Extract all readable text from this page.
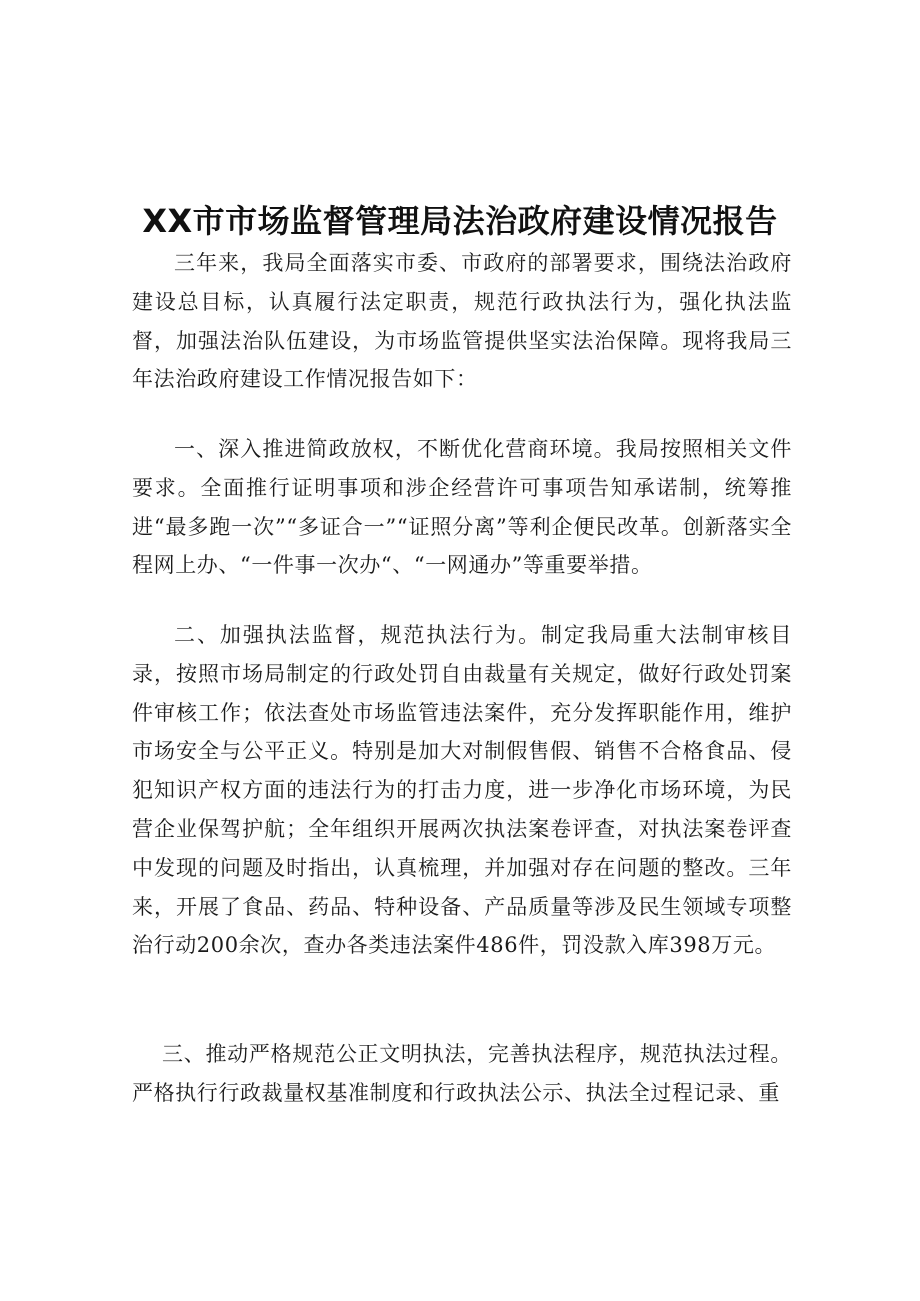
XX市市场监督管理局法治政府建设情况报告

三年来，我局全面落实市委、市政府的部署要求，围绕法治政府建设总目标，认真履行法定职责，规范行政执法行为，强化执法监督，加强法治队伍建设，为市场监管提供坚实法治保障。现将我局三年法治政府建设工作情况报告如下：

一、深入推进简政放权，不断优化营商环境。我局按照相关文件要求。全面推行证明事项和涉企经营许可事项告知承诺制，统筹推进“最多跑一次”“多证合一”“证照分离”等利企便民改革。创新落实全程网上办、“一件事一次办“、“一网通办”等重要举措。

二、加强执法监督，规范执法行为。制定我局重大法制审核目录，按照市场局制定的行政处罚自由裁量有关规定，做好行政处罚案件审核工作；依法查处市场监管违法案件，充分发挥职能作用，维护市场安全与公平正义。特别是加大对制假售假、销售不合格食品、侵犯知识产权方面的违法行为的打击力度，进一步净化市场环境，为民营企业保驾护航；全年组织开展两次执法案卷评查，对执法案卷评查中发现的问题及时指出，认真梳理，并加强对存在问题的整改。三年来，开展了食品、药品、特种设备、产品质量等涉及民生领域专项整治行动200余次，查办各类违法案件486件，罚没款入库398万元。

三、推动严格规范公正文明执法，完善执法程序，规范执法过程。严格执行行政裁量权基准制度和行政执法公示、执法全过程记录、重
